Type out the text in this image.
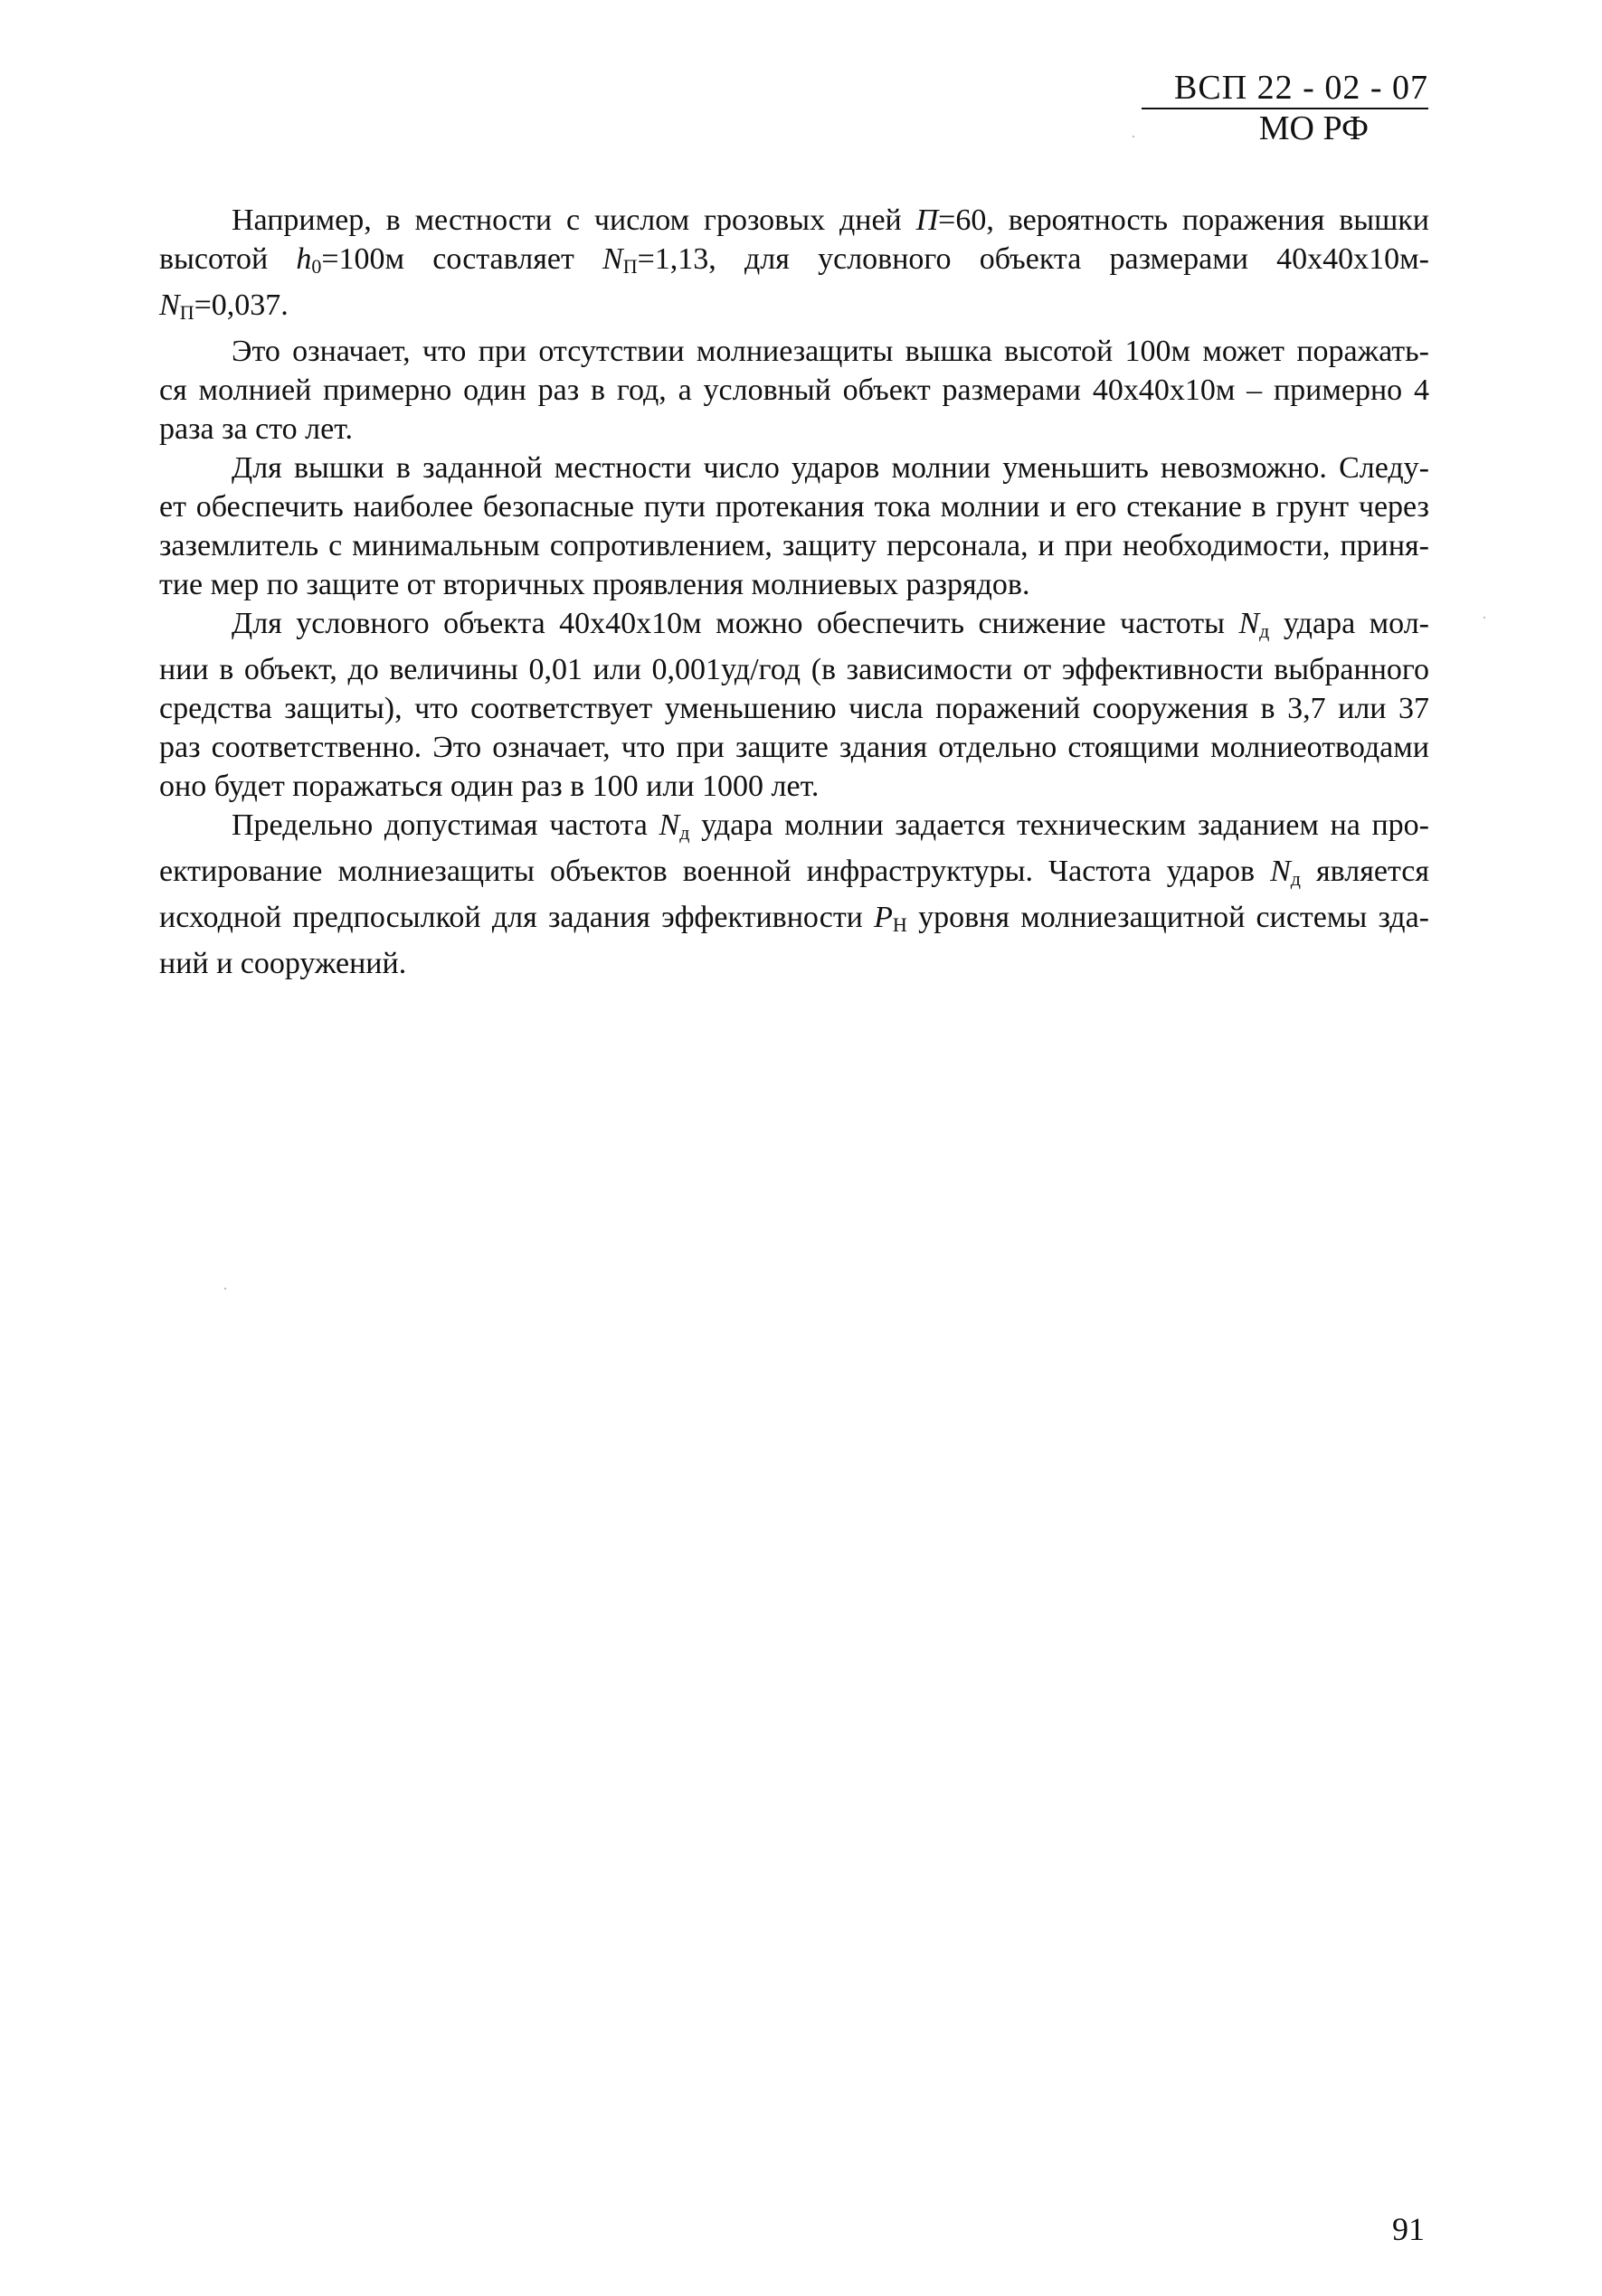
ВСП 22 - 02 - 07
МО РФ

Например, в местности с числом грозовых дней П=60, вероятность поражения вышки
высотой $h_0=100м$ составляет $N_П=1,13$, для условного объекта размерами 40х40х10м-
$N_П=0,037$.

Это означает, что при отсутствии молниезащиты вышка высотой 100м может поражать-
ся молнией примерно один раз в год, а условный объект размерами 40х40х10м – примерно 4
раза за сто лет.

Для вышки в заданной местности число ударов молнии уменьшить невозможно. Следу-
ет обеспечить наиболее безопасные пути протекания тока молнии и его стекание в грунт через
заземлитель с минимальным сопротивлением, защиту персонала, и при необходимости, приня-
тие мер по защите от вторичных проявления молниевых разрядов.

Для условного объекта 40х40х10м можно обеспечить снижение частоты $N_д$ удара мол-
нии в объект, до величины 0,01 или 0,001уд/год (в зависимости от эффективности выбранного
средства защиты), что соответствует уменьшению числа поражений сооружения в 3,7 или 37
раз соответственно. Это означает, что при защите здания отдельно стоящими молниеотводами
оно будет поражаться один раз в 100 или 1000 лет.

Предельно допустимая частота $N_д$ удара молнии задается техническим заданием на про-
ектирование молниезащиты объектов военной инфраструктуры. Частота ударов $N_д$ является
исходной предпосылкой для задания эффективности $P_H$ уровня молниезащитной системы зда-
ний и сооружений.

91
